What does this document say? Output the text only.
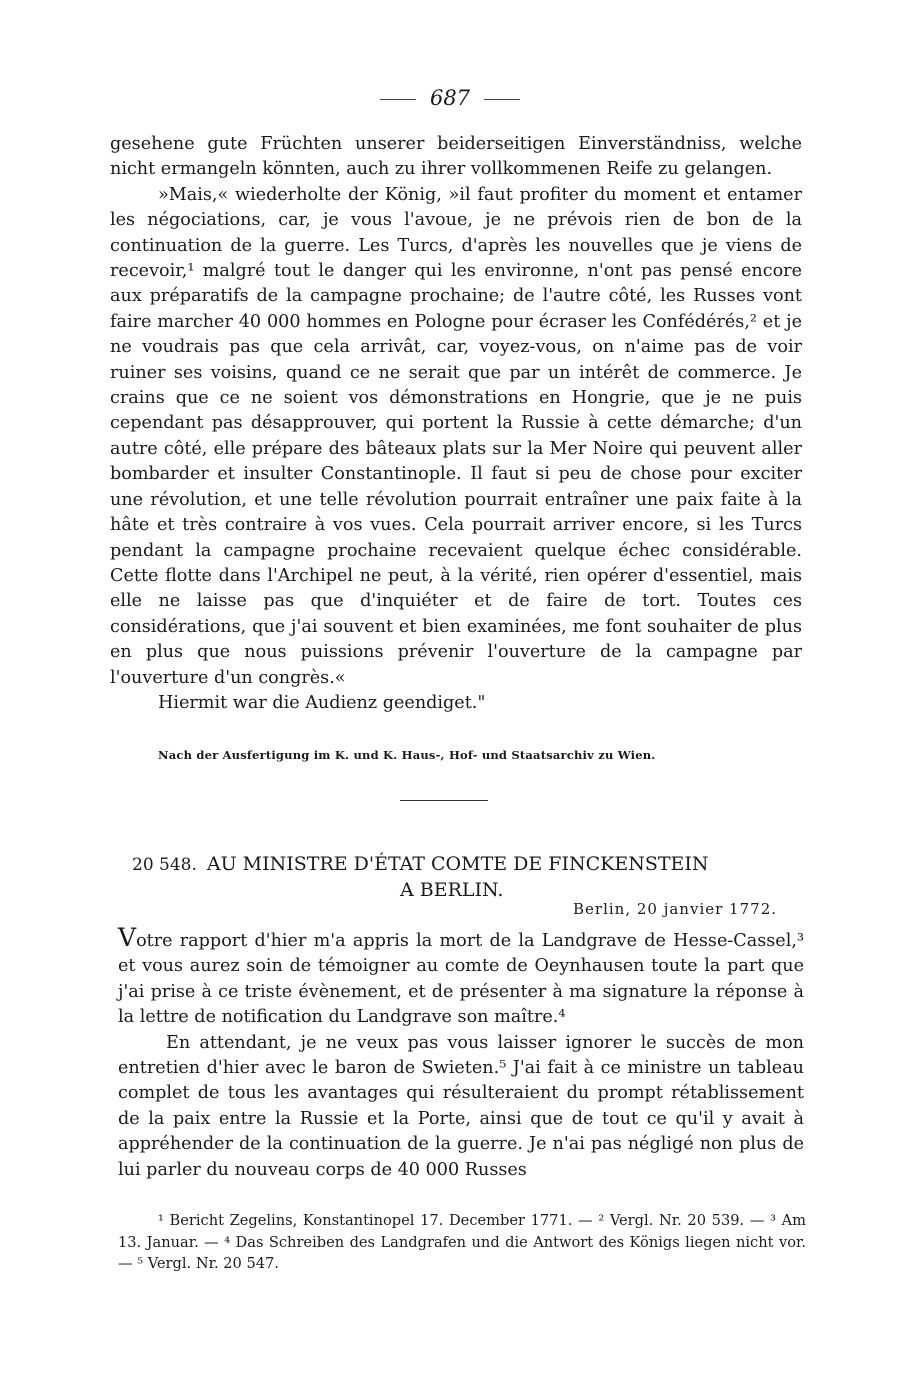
687

gesehene gute Früchten unserer beiderseitigen Einverständniss, welche nicht ermangeln könnten, auch zu ihrer vollkommenen Reife zu gelangen.

»Mais,« wiederholte der König, »il faut profiter du moment et entamer les négociations, car, je vous l'avoue, je ne prévois rien de bon de la continuation de la guerre. Les Turcs, d'après les nouvelles que je viens de recevoir,¹ malgré tout le danger qui les environne, n'ont pas pensé encore aux préparatifs de la campagne prochaine; de l'autre côté, les Russes vont faire marcher 40 000 hommes en Pologne pour écraser les Confédérés,² et je ne voudrais pas que cela arrivât, car, voyez-vous, on n'aime pas de voir ruiner ses voisins, quand ce ne serait que par un intérêt de commerce. Je crains que ce ne soient vos démonstrations en Hongrie, que je ne puis cependant pas désapprouver, qui portent la Russie à cette démarche; d'un autre côté, elle prépare des bâteaux plats sur la Mer Noire qui peuvent aller bombarder et insulter Constantinople. Il faut si peu de chose pour exciter une révolution, et une telle révolution pourrait entraîner une paix faite à la hâte et très contraire à vos vues. Cela pourrait arriver encore, si les Turcs pendant la campagne prochaine recevaient quelque échec considérable. Cette flotte dans l'Archipel ne peut, à la vérité, rien opérer d'essentiel, mais elle ne laisse pas que d'inquiéter et de faire de tort. Toutes ces considérations, que j'ai souvent et bien examinées, me font souhaiter de plus en plus que nous puissions prévenir l'ouverture de la campagne par l'ouverture d'un congrès.«

Hiermit war die Audienz geendiget."

Nach der Ausfertigung im K. und K. Haus-, Hof- und Staatsarchiv zu Wien.
20 548. AU MINISTRE D'ÉTAT COMTE DE FINCKENSTEIN
A BERLIN.
Berlin, 20 janvier 1772.

Votre rapport d'hier m'a appris la mort de la Landgrave de Hesse-Cassel,³ et vous aurez soin de témoigner au comte de Oeynhausen toute la part que j'ai prise à ce triste évènement, et de présenter à ma signature la réponse à la lettre de notification du Landgrave son maître.⁴

En attendant, je ne veux pas vous laisser ignorer le succès de mon entretien d'hier avec le baron de Swieten.⁵ J'ai fait à ce ministre un tableau complet de tous les avantages qui résulteraient du prompt rétablissement de la paix entre la Russie et la Porte, ainsi que de tout ce qu'il y avait à appréhender de la continuation de la guerre. Je n'ai pas négligé non plus de lui parler du nouveau corps de 40 000 Russes

¹ Bericht Zegelins, Konstantinopel 17. December 1771. — ² Vergl. Nr. 20 539. — ³ Am 13. Januar. — ⁴ Das Schreiben des Landgrafen und die Antwort des Königs liegen nicht vor. — ⁵ Vergl. Nr. 20 547.
